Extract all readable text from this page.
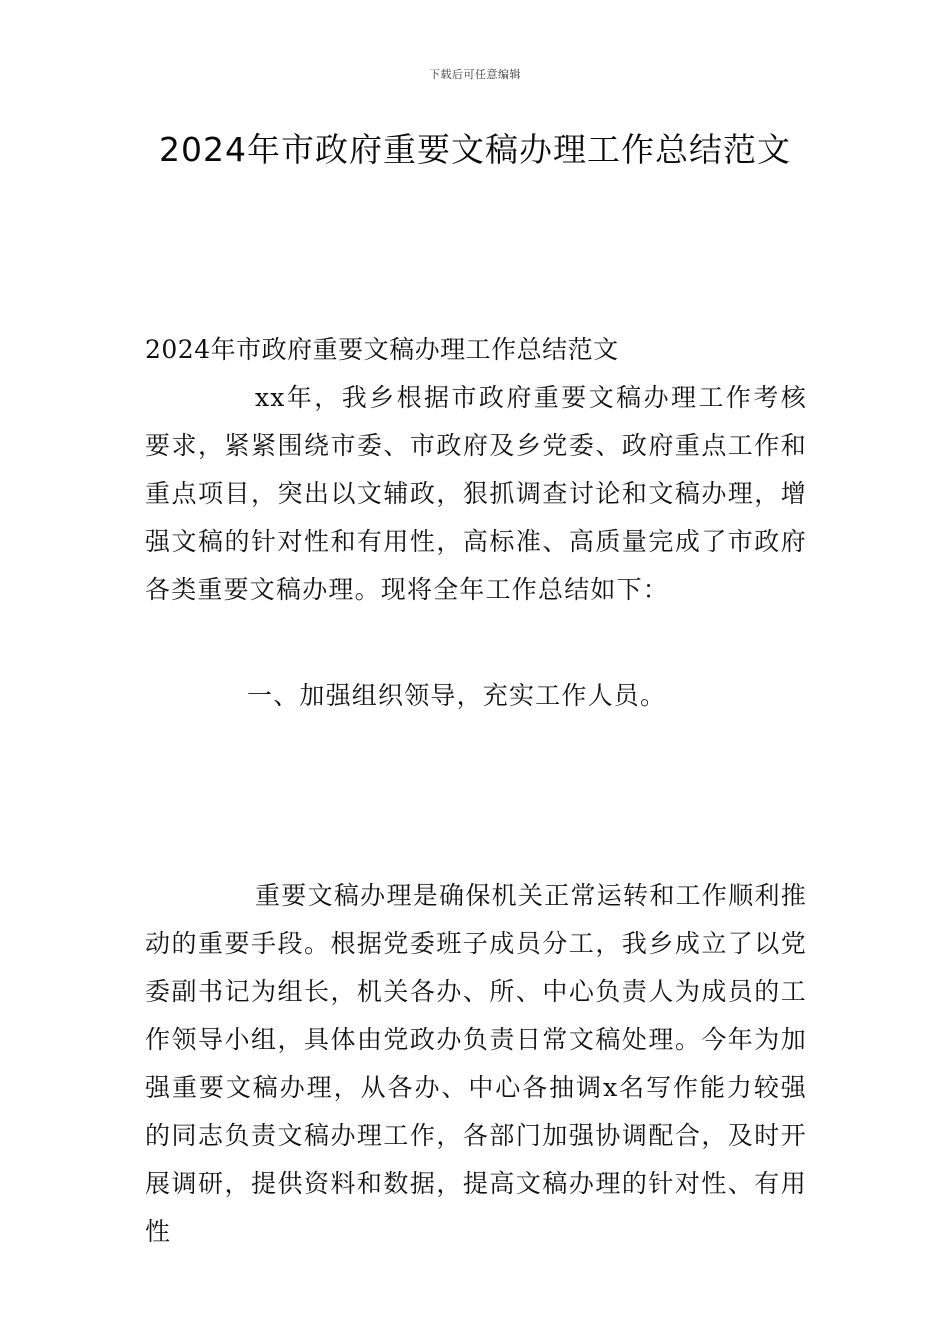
下载后可任意编辑
2024年市政府重要文稿办理工作总结范文

2024年市政府重要文稿办理工作总结范文

xx年，我乡根据市政府重要文稿办理工作考核要求，紧紧围绕市委、市政府及乡党委、政府重点工作和重点项目，突出以文辅政，狠抓调查讨论和文稿办理，增强文稿的针对性和有用性，高标准、高质量完成了市政府各类重要文稿办理。现将全年工作总结如下：

一、加强组织领导，充实工作人员。

重要文稿办理是确保机关正常运转和工作顺利推动的重要手段。根据党委班子成员分工，我乡成立了以党委副书记为组长，机关各办、所、中心负责人为成员的工作领导小组，具体由党政办负责日常文稿处理。今年为加强重要文稿办理，从各办、中心各抽调x名写作能力较强的同志负责文稿办理工作，各部门加强协调配合，及时开展调研，提供资料和数据，提高文稿办理的针对性、有用性
